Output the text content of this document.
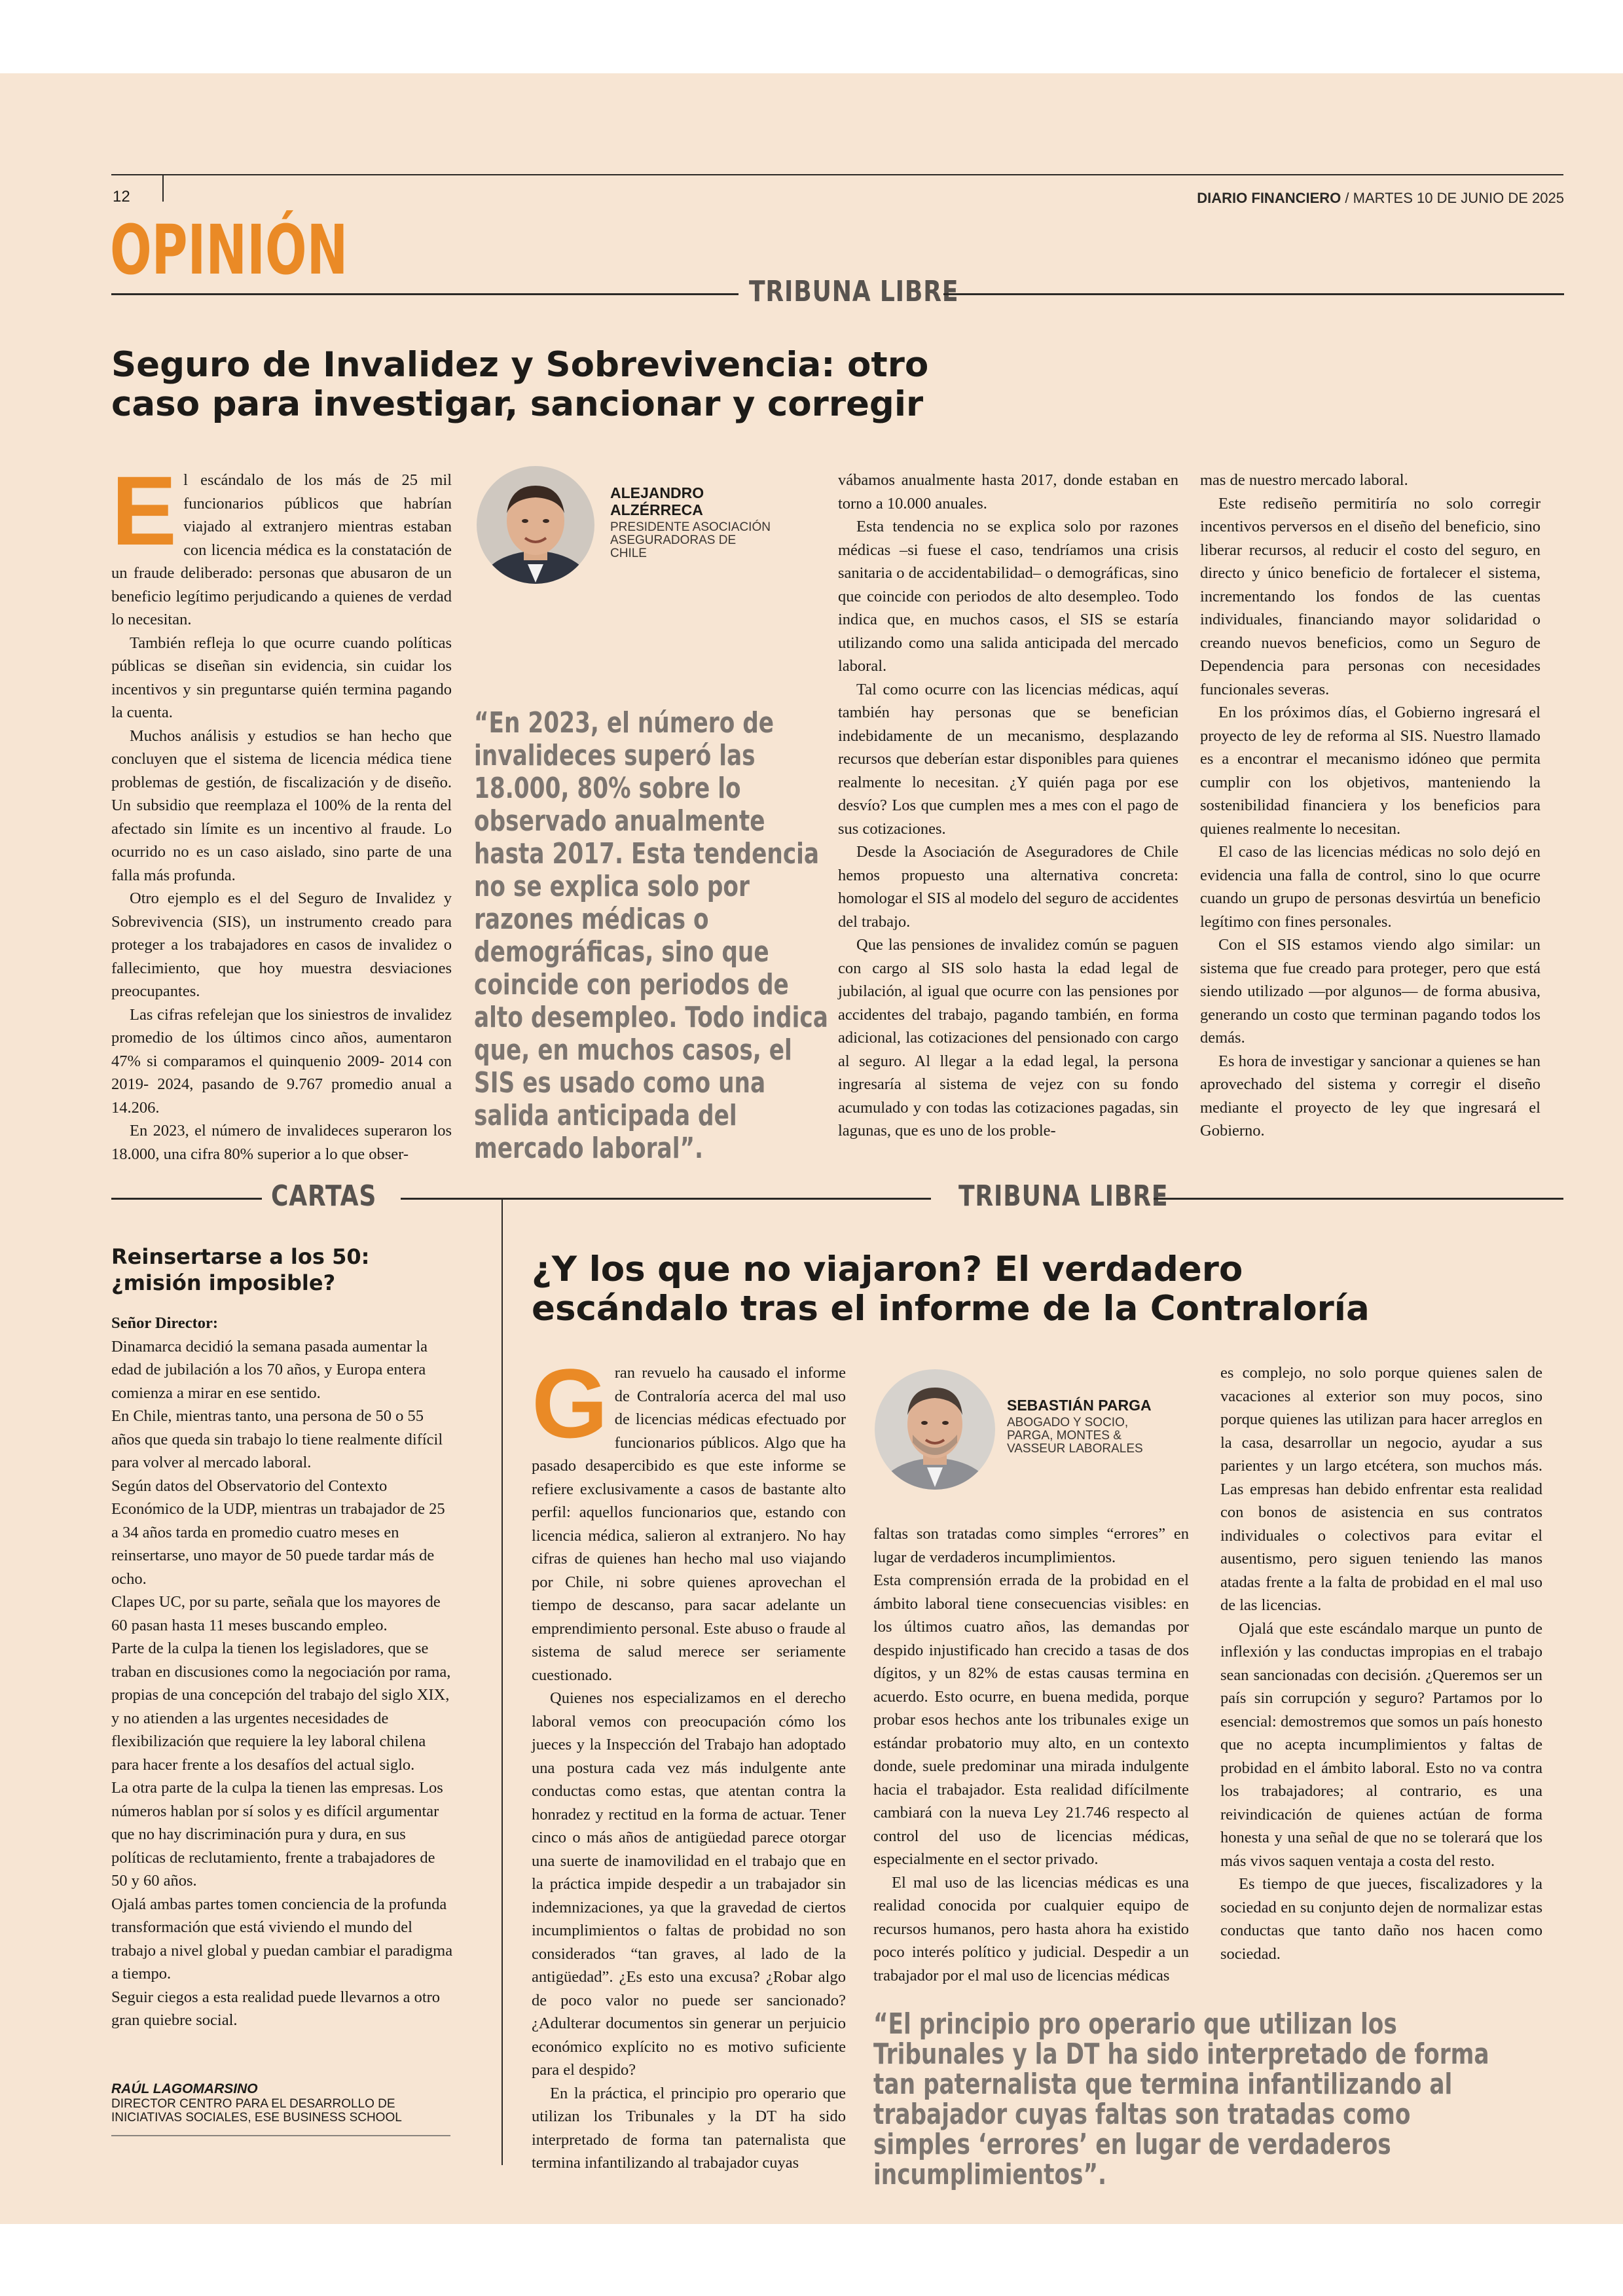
12	DIARIO FINANCIERO / MARTES 10 DE JUNIO DE 2025
OPINIÓN
TRIBUNA LIBRE
Seguro de Invalidez y Sobrevivencia: otro
caso para investigar, sancionar y corregir
E l escándalo de los más de 25 mil funcionarios públicos que habrían viajado al extranjero mientras estaban con licencia médica es la constatación de un fraude deliberado: personas que abusaron de un beneficio legítimo perjudicando a quienes de verdad lo necesitan.

También refleja lo que ocurre cuando políticas públicas se diseñan sin evidencia, sin cuidar los incentivos y sin preguntarse quién termina pagando la cuenta.

Muchos análisis y estudios se han hecho que concluyen que el sistema de licencia médica tiene problemas de gestión, de fiscalización y de diseño. Un subsidio que reemplaza el 100% de la renta del afectado sin límite es un incentivo al fraude. Lo ocurrido no es un caso aislado, sino parte de una falla más profunda.

Otro ejemplo es el del Seguro de Invalidez y Sobrevivencia (SIS), un instrumento creado para proteger a los trabajadores en casos de invalidez o fallecimiento, que hoy muestra desviaciones preocupantes.

Las cifras refelejan que los siniestros de invalidez promedio de los últimos cinco años, aumentaron 47% si comparamos el quinquenio 2009- 2014 con 2019- 2024, pasando de 9.767 promedio anual a 14.206.

En 2023, el número de invalideces superaron los 18.000, una cifra 80% superior a lo que obser-

ALEJANDRO
ALZÉRRECA
PRESIDENTE ASOCIACIÓN
ASEGURADORAS DE
CHILE
“En 2023, el número de invalideces superó las 18.000, 80% sobre lo observado anualmente hasta 2017. Esta tendencia no se explica solo por razones médicas o demográficas, sino que coincide con periodos de alto desempleo. Todo indica que, en muchos casos, el SIS es usado como una salida anticipada del mercado laboral”.

vábamos anualmente hasta 2017, donde estaban en torno a 10.000 anuales.

Esta tendencia no se explica solo por razones médicas –si fuese el caso, tendríamos una crisis sanitaria o de accidentabilidad– o demográficas, sino que coincide con periodos de alto desempleo. Todo indica que, en muchos casos, el SIS se estaría utilizando como una salida anticipada del mercado laboral.

Tal como ocurre con las licencias médicas, aquí también hay personas que se benefician indebidamente de un mecanismo, desplazando recursos que deberían estar disponibles para quienes realmente lo necesitan. ¿Y quién paga por ese desvío? Los que cumplen mes a mes con el pago de sus cotizaciones.

Desde la Asociación de Aseguradores de Chile hemos propuesto una alternativa concreta: homologar el SIS al modelo del seguro de accidentes del trabajo.

Que las pensiones de invalidez común se paguen con cargo al SIS solo hasta la edad legal de jubilación, al igual que ocurre con las pensiones por accidentes del trabajo, pagando también, en forma adicional, las cotizaciones del pensionado con cargo al seguro. Al llegar a la edad legal, la persona ingresaría al sistema de vejez con su fondo acumulado y con todas las cotizaciones pagadas, sin lagunas, que es uno de los proble-

mas de nuestro mercado laboral.

Este rediseño permitiría no solo corregir incentivos perversos en el diseño del beneficio, sino liberar recursos, al reducir el costo del seguro, en directo y único beneficio de fortalecer el sistema, incrementando los fondos de las cuentas individuales, financiando mayor solidaridad o creando nuevos beneficios, como un Seguro de Dependencia para personas con necesidades funcionales severas.

En los próximos días, el Gobierno ingresará el proyecto de ley de reforma al SIS. Nuestro llamado es a encontrar el mecanismo idóneo que permita cumplir con los objetivos, manteniendo la sostenibilidad financiera y los beneficios para quienes realmente lo necesitan.

El caso de las licencias médicas no solo dejó en evidencia una falla de control, sino lo que ocurre cuando un grupo de personas desvirtúa un beneficio legítimo con fines personales.

Con el SIS estamos viendo algo similar: un sistema que fue creado para proteger, pero que está siendo utilizado —por algunos— de forma abusiva, generando un costo que terminan pagando todos los demás.

Es hora de investigar y sancionar a quienes se han aprovechado del sistema y corregir el diseño mediante el proyecto de ley que ingresará el Gobierno.

CARTAS	TRIBUNA LIBRE
Reinsertarse a los 50:
¿misión imposible?

Señor Director:

Dinamarca decidió la semana pasada aumentar la edad de jubilación a los 70 años, y Europa entera comienza a mirar en ese sentido.

En Chile, mientras tanto, una persona de 50 o 55 años que queda sin trabajo lo tiene realmente difícil para volver al mercado laboral.

Según datos del Observatorio del Contexto Económico de la UDP, mientras un trabajador de 25 a 34 años tarda en promedio cuatro meses en reinsertarse, uno mayor de 50 puede tardar más de ocho.

Clapes UC, por su parte, señala que los mayores de 60 pasan hasta 11 meses buscando empleo.

Parte de la culpa la tienen los legisladores, que se traban en discusiones como la negociación por rama, propias de una concepción del trabajo del siglo XIX, y no atienden a las urgentes necesidades de flexibilización que requiere la ley laboral chilena para hacer frente a los desafíos del actual siglo.

La otra parte de la culpa la tienen las empresas. Los números hablan por sí solos y es difícil argumentar que no hay discriminación pura y dura, en sus políticas de reclutamiento, frente a trabajadores de 50 y 60 años.

Ojalá ambas partes tomen conciencia de la profunda transformación que está viviendo el mundo del trabajo a nivel global y puedan cambiar el paradigma a tiempo.

Seguir ciegos a esta realidad puede llevarnos a otro gran quiebre social.

RAÚL LAGOMARSINO
DIRECTOR CENTRO PARA EL DESARROLLO DE
INICIATIVAS SOCIALES, ESE BUSINESS SCHOOL
¿Y los que no viajaron? El verdadero
escándalo tras el informe de la Contraloría
G ran revuelo ha causado el informe de Contraloría acerca del mal uso de licencias médicas efectuado por funcionarios públicos. Algo que ha pasado desapercibido es que este informe se refiere exclusivamente a casos de bastante alto perfil: aquellos funcionarios que, estando con licencia médica, salieron al extranjero. No hay cifras de quienes han hecho mal uso viajando por Chile, ni sobre quienes aprovechan el tiempo de descanso, para sacar adelante un emprendimiento personal. Este abuso o fraude al sistema de salud merece ser seriamente cuestionado.

Quienes nos especializamos en el derecho laboral vemos con preocupación cómo los jueces y la Inspección del Trabajo han adoptado una postura cada vez más indulgente ante conductas como estas, que atentan contra la honradez y rectitud en la forma de actuar. Tener cinco o más años de antigüedad parece otorgar una suerte de inamovilidad en el trabajo que en la práctica impide despedir a un trabajador sin indemnizaciones, ya que la gravedad de ciertos incumplimientos o faltas de probidad no son considerados “tan graves, al lado de la antigüedad”. ¿Es esto una excusa? ¿Robar algo de poco valor no puede ser sancionado? ¿Adulterar documentos sin generar un perjuicio económico explícito no es motivo suficiente para el despido?

En la práctica, el principio pro operario que utilizan los Tribunales y la DT ha sido interpretado de forma tan paternalista que termina infantilizando al trabajador cuyas

SEBASTIÁN PARGA
ABOGADO Y SOCIO,
PARGA, MONTES &
VASSEUR LABORALES

faltas son tratadas como simples “errores” en lugar de verdaderos incumplimientos.

Esta comprensión errada de la probidad en el ámbito laboral tiene consecuencias visibles: en los últimos cuatro años, las demandas por despido injustificado han crecido a tasas de dos dígitos, y un 82% de estas causas termina en acuerdo. Esto ocurre, en buena medida, porque probar esos hechos ante los tribunales exige un estándar probatorio muy alto, en un contexto donde, suele predominar una mirada indulgente hacia el trabajador. Esta realidad difícilmente cambiará con la nueva Ley 21.746 respecto al control del uso de licencias médicas, especialmente en el sector privado.

El mal uso de las licencias médicas es una realidad conocida por cualquier equipo de recursos humanos, pero hasta ahora ha existido poco interés político y judicial. Despedir a un trabajador por el mal uso de licencias médicas

es complejo, no solo porque quienes salen de vacaciones al exterior son muy pocos, sino porque quienes las utilizan para hacer arreglos en la casa, desarrollar un negocio, ayudar a sus parientes y un largo etcétera, son muchos más. Las empresas han debido enfrentar esta realidad con bonos de asistencia en sus contratos individuales o colectivos para evitar el ausentismo, pero siguen teniendo las manos atadas frente a la falta de probidad en el mal uso de las licencias.

Ojalá que este escándalo marque un punto de inflexión y las conductas impropias en el trabajo sean sancionadas con decisión. ¿Queremos ser un país sin corrupción y seguro? Partamos por lo esencial: demostremos que somos un país honesto que no acepta incumplimientos y faltas de probidad en el ámbito laboral. Esto no va contra los trabajadores; al contrario, es una reivindicación de quienes actúan de forma honesta y una señal de que no se tolerará que los más vivos saquen ventaja a costa del resto.

Es tiempo de que jueces, fiscalizadores y la sociedad en su conjunto dejen de normalizar estas conductas que tanto daño nos hacen como sociedad.

“El principio pro operario que utilizan los Tribunales y la DT ha sido interpretado de forma tan paternalista que termina infantilizando al trabajador cuyas faltas son tratadas como simples ‘errores’ en lugar de verdaderos incumplimientos”.
